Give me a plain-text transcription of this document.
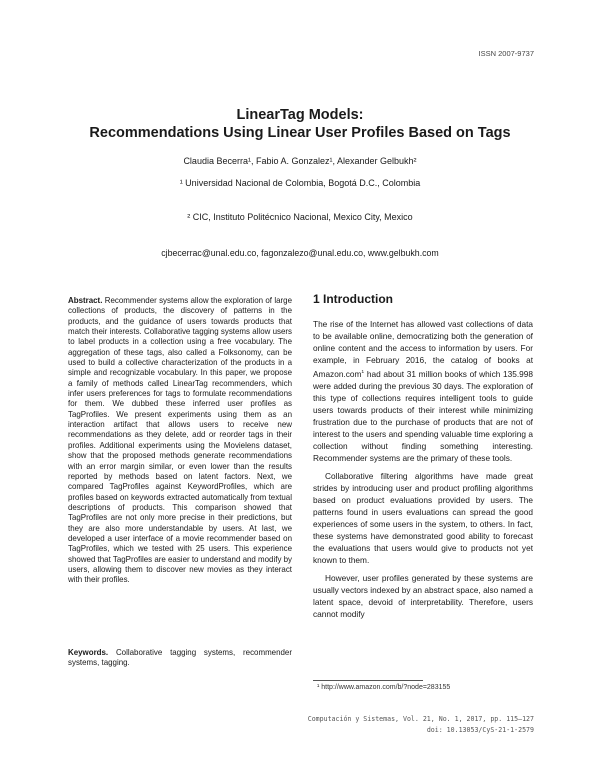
ISSN 2007-9737
LinearTag Models:
Recommendations Using Linear User Profiles Based on Tags
Claudia Becerra¹, Fabio A. Gonzalez¹, Alexander Gelbukh²
¹ Universidad Nacional de Colombia, Bogotá D.C., Colombia
² CIC, Instituto Politécnico Nacional, Mexico City, Mexico
cjbecerrac@unal.edu.co, fagonzalezo@unal.edu.co, www.gelbukh.com
Abstract. Recommender systems allow the exploration of large collections of products, the discovery of patterns in the products, and the guidance of users towards products that match their interests. Collaborative tagging systems allow users to label products in a collection using a free vocabulary. The aggregation of these tags, also called a Folksonomy, can be used to build a collective characterization of the products in a simple and recognizable vocabulary. In this paper, we propose a family of methods called LinearTag recommenders, which infer users preferences for tags to formulate recommendations for them. We dubbed these inferred user profiles as TagProfiles. We present experiments using them as an interaction artifact that allows users to receive new recommendations as they delete, add or reorder tags in their profiles. Additional experiments using the Movielens dataset, show that the proposed methods generate recommendations with an error margin similar, or even lower than the results reported by methods based on latent factors. Next, we compared TagProfiles against KeywordProfiles, which are profiles based on keywords extracted automatically from textual descriptions of products. This comparison showed that TagProfiles are not only more precise in their predictions, but they are also more understandable by users. At last, we developed a user interface of a movie recommender based on TagProfiles, which we tested with 25 users. This experience showed that TagProfiles are easier to understand and modify by users, allowing them to discover new movies as they interact with their profiles.
Keywords. Collaborative tagging systems, recommender systems, tagging.
1 Introduction

The rise of the Internet has allowed vast collections of data to be available online, democratizing both the generation of online content and the access to information by users. For example, in February 2016, the catalog of books at Amazon.com$^1$ had about 31 million books of which 135.998 were added during the previous 30 days. The exploration of this type of collections requires intelligent tools to guide users towards products of their interest while minimizing frustration due to the purchase of products that are not of interest to the users and spending valuable time exploring a collection without finding something interesting. Recommender systems are the primary of these tools.

Collaborative filtering algorithms have made great strides by introducing user and product profiling algorithms based on product evaluations provided by users. The patterns found in users evaluations can spread the good experiences of some users in the system, to others. In fact, these systems have demonstrated good ability to forecast the evaluations that users would give to products not yet known to them.

However, user profiles generated by these systems are usually vectors indexed by an abstract space, also named a latent space, devoid of interpretability. Therefore, users cannot modify

¹ http://www.amazon.com/b/?node=283155
Computación y Sistemas, Vol. 21, No. 1, 2017, pp. 115–127
doi: 10.13053/CyS-21-1-2579
